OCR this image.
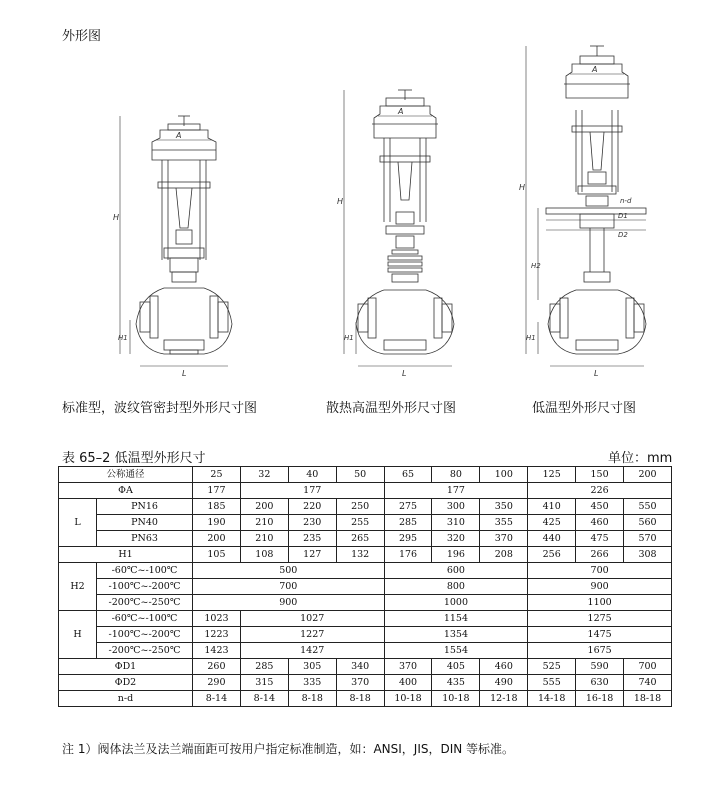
外形图
A
H
H1
L
A
H
H1
L
A
H
H2
H1
L
D1
D2
n-d
标准型，波纹管密封型外形尺寸图	散热高温型外形尺寸图	低温型外形尺寸图
表 65–2 低温型外形尺寸	单位：mm
公称通径		25	32	40	50	65	80	100	125	150	200
ΦA		177	177			177			226		
L	PN16	185	200	220	250	275	300	350	410	450	550
	PN40	190	210	230	255	285	310	355	425	460	560
	PN63	200	210	235	265	295	320	370	440	475	570
H1		105	108	127	132	176	196	208	256	266	308
H2	-60℃~-100℃	500				600			700		
	-100℃~-200℃	700				800			900		
	-200℃~-250℃	900				1000			1100		
H	-60℃~-100℃	1023	1027			1154			1275		
	-100℃~-200℃	1223	1227			1354			1475		
	-200℃~-250℃	1423	1427			1554			1675		
ΦD1		260	285	305	340	370	405	460	525	590	700
ΦD2		290	315	335	370	400	435	490	555	630	740
n-d		8-14	8-14	8-18	8-18	10-18	10-18	12-18	14-18	16-18	18-18
注 1）阀体法兰及法兰端面距可按用户指定标准制造，如：ANSI，JIS，DIN 等标准。
